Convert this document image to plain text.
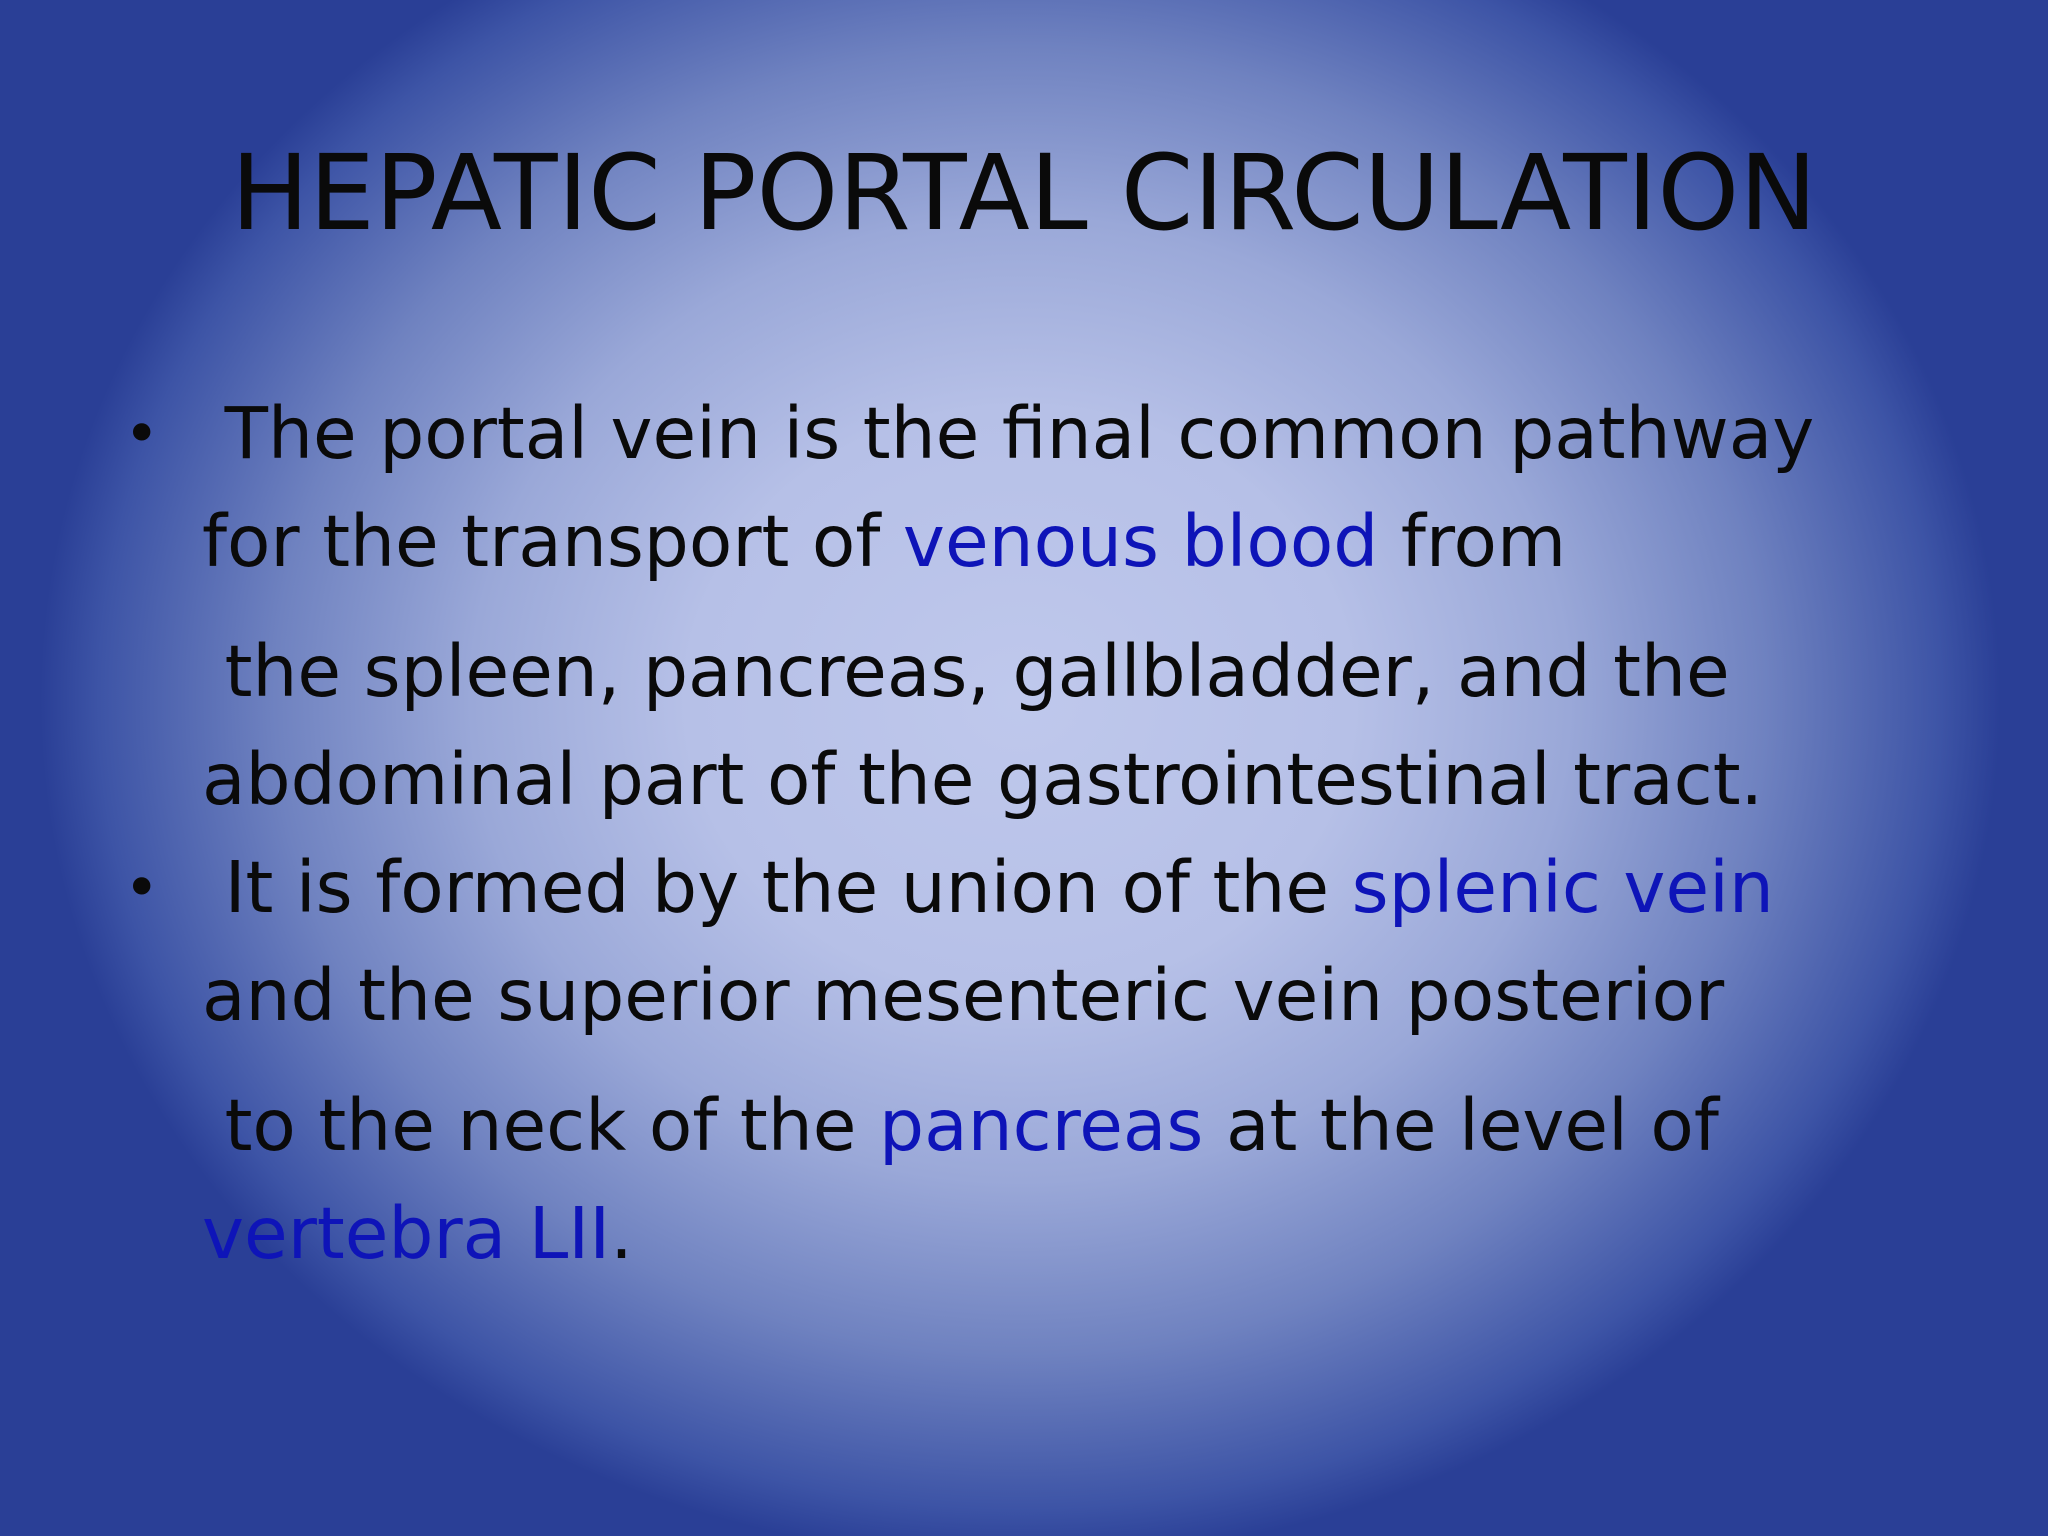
HEPATIC PORTAL CIRCULATION
• The portal vein is the final common pathway
for the transport of venous blood from
the spleen, pancreas, gallbladder, and the
abdominal part of the gastrointestinal tract.
• It is formed by the union of the splenic vein
and the superior mesenteric vein posterior
to the neck of the pancreas at the level of
vertebra LII.
